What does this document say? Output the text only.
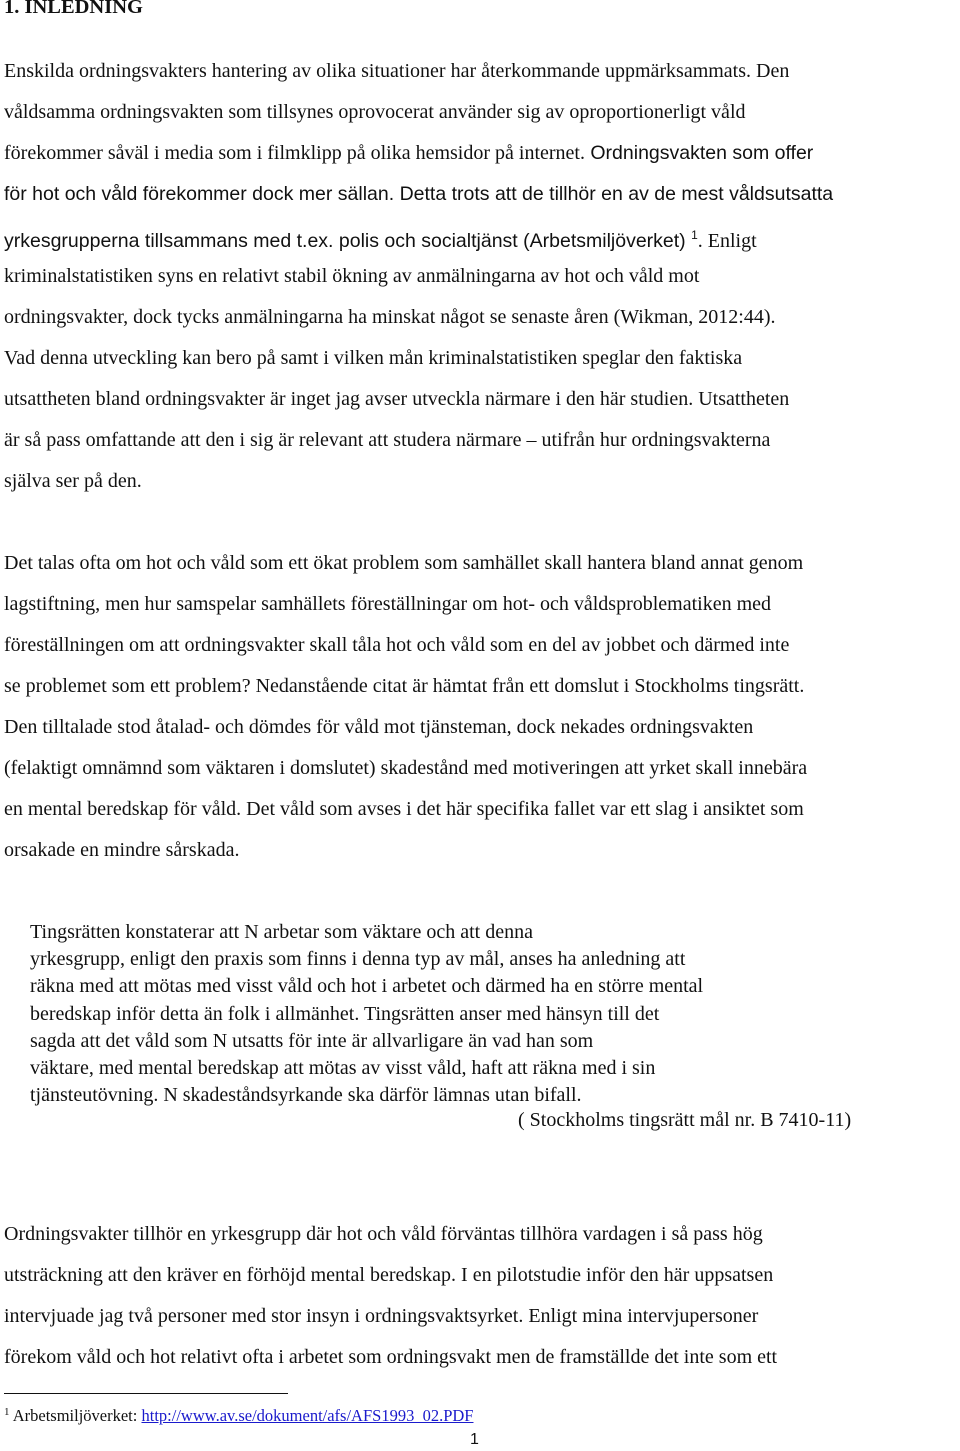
1. INLEDNING
Enskilda ordningsvakters hantering av olika situationer har återkommande uppmärksammats. Den
våldsamma ordningsvakten som tillsynes oprovocerat använder sig av oproportionerligt våld
förekommer såväl i media som i filmklipp på olika hemsidor på internet. Ordningsvakten som offer
för hot och våld förekommer dock mer sällan. Detta trots att de tillhör en av de mest våldsutsatta
yrkesgrupperna tillsammans med t.ex. polis och socialtjänst (Arbetsmiljöverket) $^1$. Enligt
kriminalstatistiken syns en relativt stabil ökning av anmälningarna av hot och våld mot
ordningsvakter, dock tycks anmälningarna ha minskat något se senaste åren (Wikman, 2012:44).
Vad denna utveckling kan bero på samt i vilken mån kriminalstatistiken speglar den faktiska
utsattheten bland ordningsvakter är inget jag avser utveckla närmare i den här studien. Utsattheten
är så pass omfattande att den i sig är relevant att studera närmare – utifrån hur ordningsvakterna
själva ser på den.
Det talas ofta om hot och våld som ett ökat problem som samhället skall hantera bland annat genom
lagstiftning, men hur samspelar samhällets föreställningar om hot- och våldsproblematiken med
föreställningen om att ordningsvakter skall tåla hot och våld som en del av jobbet och därmed inte
se problemet som ett problem? Nedanstående citat är hämtat från ett domslut i Stockholms tingsrätt.
Den tilltalade stod åtalad- och dömdes för våld mot tjänsteman, dock nekades ordningsvakten
(felaktigt omnämnd som väktaren i domslutet) skadestånd med motiveringen att yrket skall innebära
en mental beredskap för våld. Det våld som avses i det här specifika fallet var ett slag i ansiktet som
orsakade en mindre sårskada.
Tingsrätten konstaterar att N arbetar som väktare och att denna
yrkesgrupp, enligt den praxis som finns i denna typ av mål, anses ha anledning att
räkna med att mötas med visst våld och hot i arbetet och därmed ha en större mental
beredskap inför detta än folk i allmänhet. Tingsrätten anser med hänsyn till det
sagda att det våld som N utsatts för inte är allvarligare än vad han som
väktare, med mental beredskap att mötas av visst våld, haft att räkna med i sin
tjänsteutövning. N skadeståndsyrkande ska därför lämnas utan bifall.
( Stockholms tingsrätt mål nr. B 7410-11)
Ordningsvakter tillhör en yrkesgrupp där hot och våld förväntas tillhöra vardagen i så pass hög
utsträckning att den kräver en förhöjd mental beredskap. I en pilotstudie inför den här uppsatsen
intervjuade jag två personer med stor insyn i ordningsvaktsyrket. Enligt mina intervjupersoner
förekom våld och hot relativt ofta i arbetet som ordningsvakt men de framställde det inte som ett
$^1$ Arbetsmiljöverket: http://www.av.se/dokument/afs/AFS1993_02.PDF
1
